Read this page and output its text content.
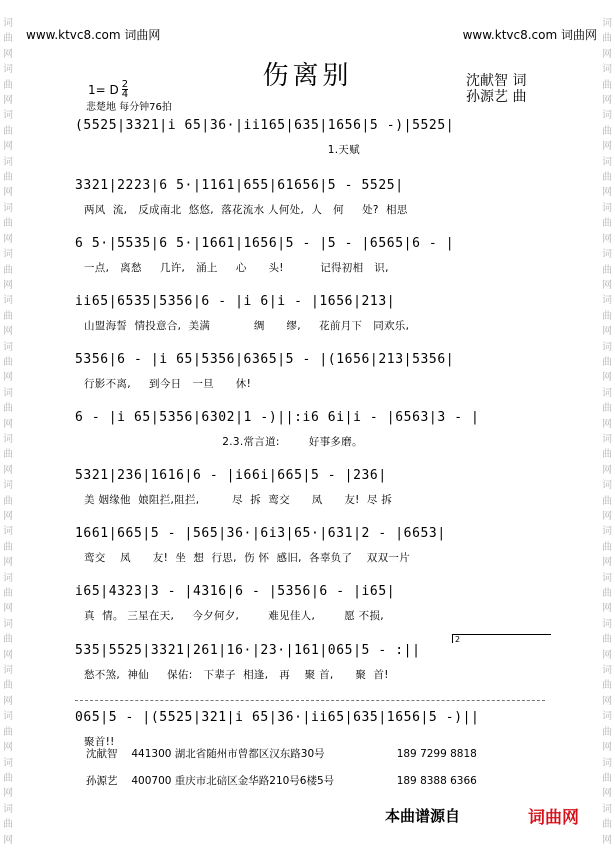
词
曲
网
词
曲
网
词
曲
网
词
曲
网
词
曲
网
词
曲
网
词
曲
网
词
曲
网
词
曲
网
词
曲
网
词
曲
网
词
曲
网
词
曲
网
词
曲
网
词
曲
网
词
曲
网
词
曲
网
词
曲
网
词
曲
网
词
曲
网
词
曲
网
词
曲
网
词
曲
网
词
曲
网
词
曲
网
词
曲
网
词
曲
网
词
曲
网
词
曲
网
词
曲
网
词
曲
网
词
曲
网
词
曲
网
词
曲
网
词
曲
网
词
曲
网
www.ktvc8.com 词曲网	www.ktvc8.com 词曲网
伤离别	沈献智 词
孙源艺 曲
1= D $\frac{2}{4}$
悲楚地 每分钟76拍
(5525|3321|i 65|36·|ii165|635|1656|5 -)|5525|
1.天赋
3321|2223|6 5·|1161|655|61656|5 - 5525|
两风  流,   反成南北  悠悠,  落花流水 人何处,  人   何     处?  相思
6 5·|5535|6 5·|1661|1656|5 - |5 - |6565|6 - |
一点,   离愁     几许,   涌上     心      头!          记得初相   识,
ii65|6535|5356|6 - |i 6|i - |1656|213|
山盟海誓  情投意合,  美满            绸      缪,     花前月下   同欢乐,
5356|6 - |i 65|5356|6365|5 - |(1656|213|5356|
行影不离,     到今日   一旦      休!
6 - |i 65|5356|6302|1 -)||:i6 6i|i - |6563|3 - |
2.3.常言道:        好事多磨。
5321|236|1616|6 - |i66i|665|5 - |236|
美 姻缘他  娘阻拦,阻拦,         尽  拆  鸾交      凤      友!  尽 拆
1661|665|5 - |565|36·|6i3|65·|631|2 - |6653|
鸾交    凤      友!  坐  想  行思,  伤 怀  感旧,  各辜负了    双双一片
i65|4323|3 - |4316|6 - |5356|6 - |i65|
真  情。 三星在天,     今夕何夕,        难见佳人,        愿 不损,
535|5525|3321|261|16·|23·|161|065|5 - :||
愁不煞,  神仙     保佑:   下辈子  相逢,   再    聚 首,      聚  首!
065|5 - |(5525|321|i 65|36·|ii65|635|1656|5 -)||
聚首!!
2
沈献智 441300 湖北省随州市曾都区汉东路30号	189 7299 8818
孙源艺 400700 重庆市北碚区金华路210号6楼5号	189 8388 6366
本曲谱源自	词曲网
